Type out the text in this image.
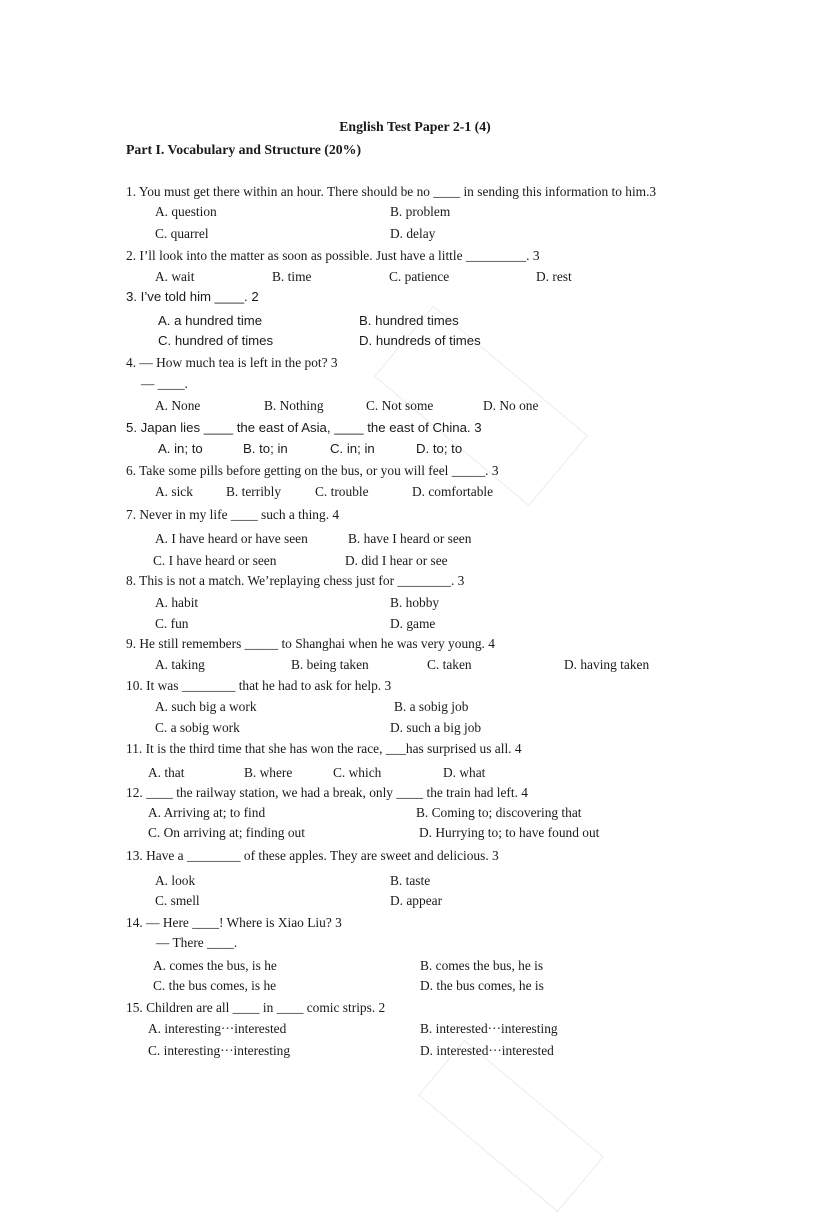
English Test Paper 2-1 (4)
Part I. Vocabulary and Structure (20%)
1. You must get there within an hour. There should be no ____ in sending this information to him.3
A. question	B. problem
C. quarrel	D. delay
2. I’ll look into the matter as soon as possible. Just have a little _________. 3
A. wait	B. time	C. patience	D. rest
3. I’ve told him ____. 2
A. a hundred time	B. hundred times
C. hundred of times	D. hundreds of times
4. — How much tea is left in the pot? 3
— ____.
A. None	B. Nothing	C. Not some	D. No one
5. Japan lies ____ the east of Asia, ____ the east of China. 3
A. in; to	B. to; in	C. in; in	D. to; to
6. Take some pills before getting on the bus, or you will feel _____. 3
A. sick B. terribly	C. trouble	D. comfortable
7. Never in my life ____ such a thing. 4
A. I have heard or have seen	B. have I heard or seen
C. I have heard or seen	D. did I hear or see
8. This is not a match. We’replaying chess just for ________. 3
A. habit	B. hobby
C. fun	D. game
9. He still remembers _____ to Shanghai when he was very young. 4
A. taking	B. being taken	C. taken	D. having taken
10. It was ________ that he had to ask for help. 3
A. such big a work	B. a sobig job
C. a sobig work	D. such a big job
11. It is the third time that she has won the race, ___has surprised us all. 4
A. that	B. where	C. which	D. what
12. ____ the railway station, we had a break, only ____ the train had left. 4
A. Arriving at; to find	B. Coming to; discovering that
C. On arriving at; finding out	D. Hurrying to; to have found out
13. Have a ________ of these apples. They are sweet and delicious. 3
A. look	B. taste
C. smell	D. appear
14. — Here ____! Where is Xiao Liu? 3
— There ____.
A. comes the bus, is he	B. comes the bus, he is
C. the bus comes, is he	D. the bus comes, he is
15. Children are all ____ in ____ comic strips. 2
A. interesting···interested	B. interested···interesting
C. interesting···interesting	D. interested···interested
